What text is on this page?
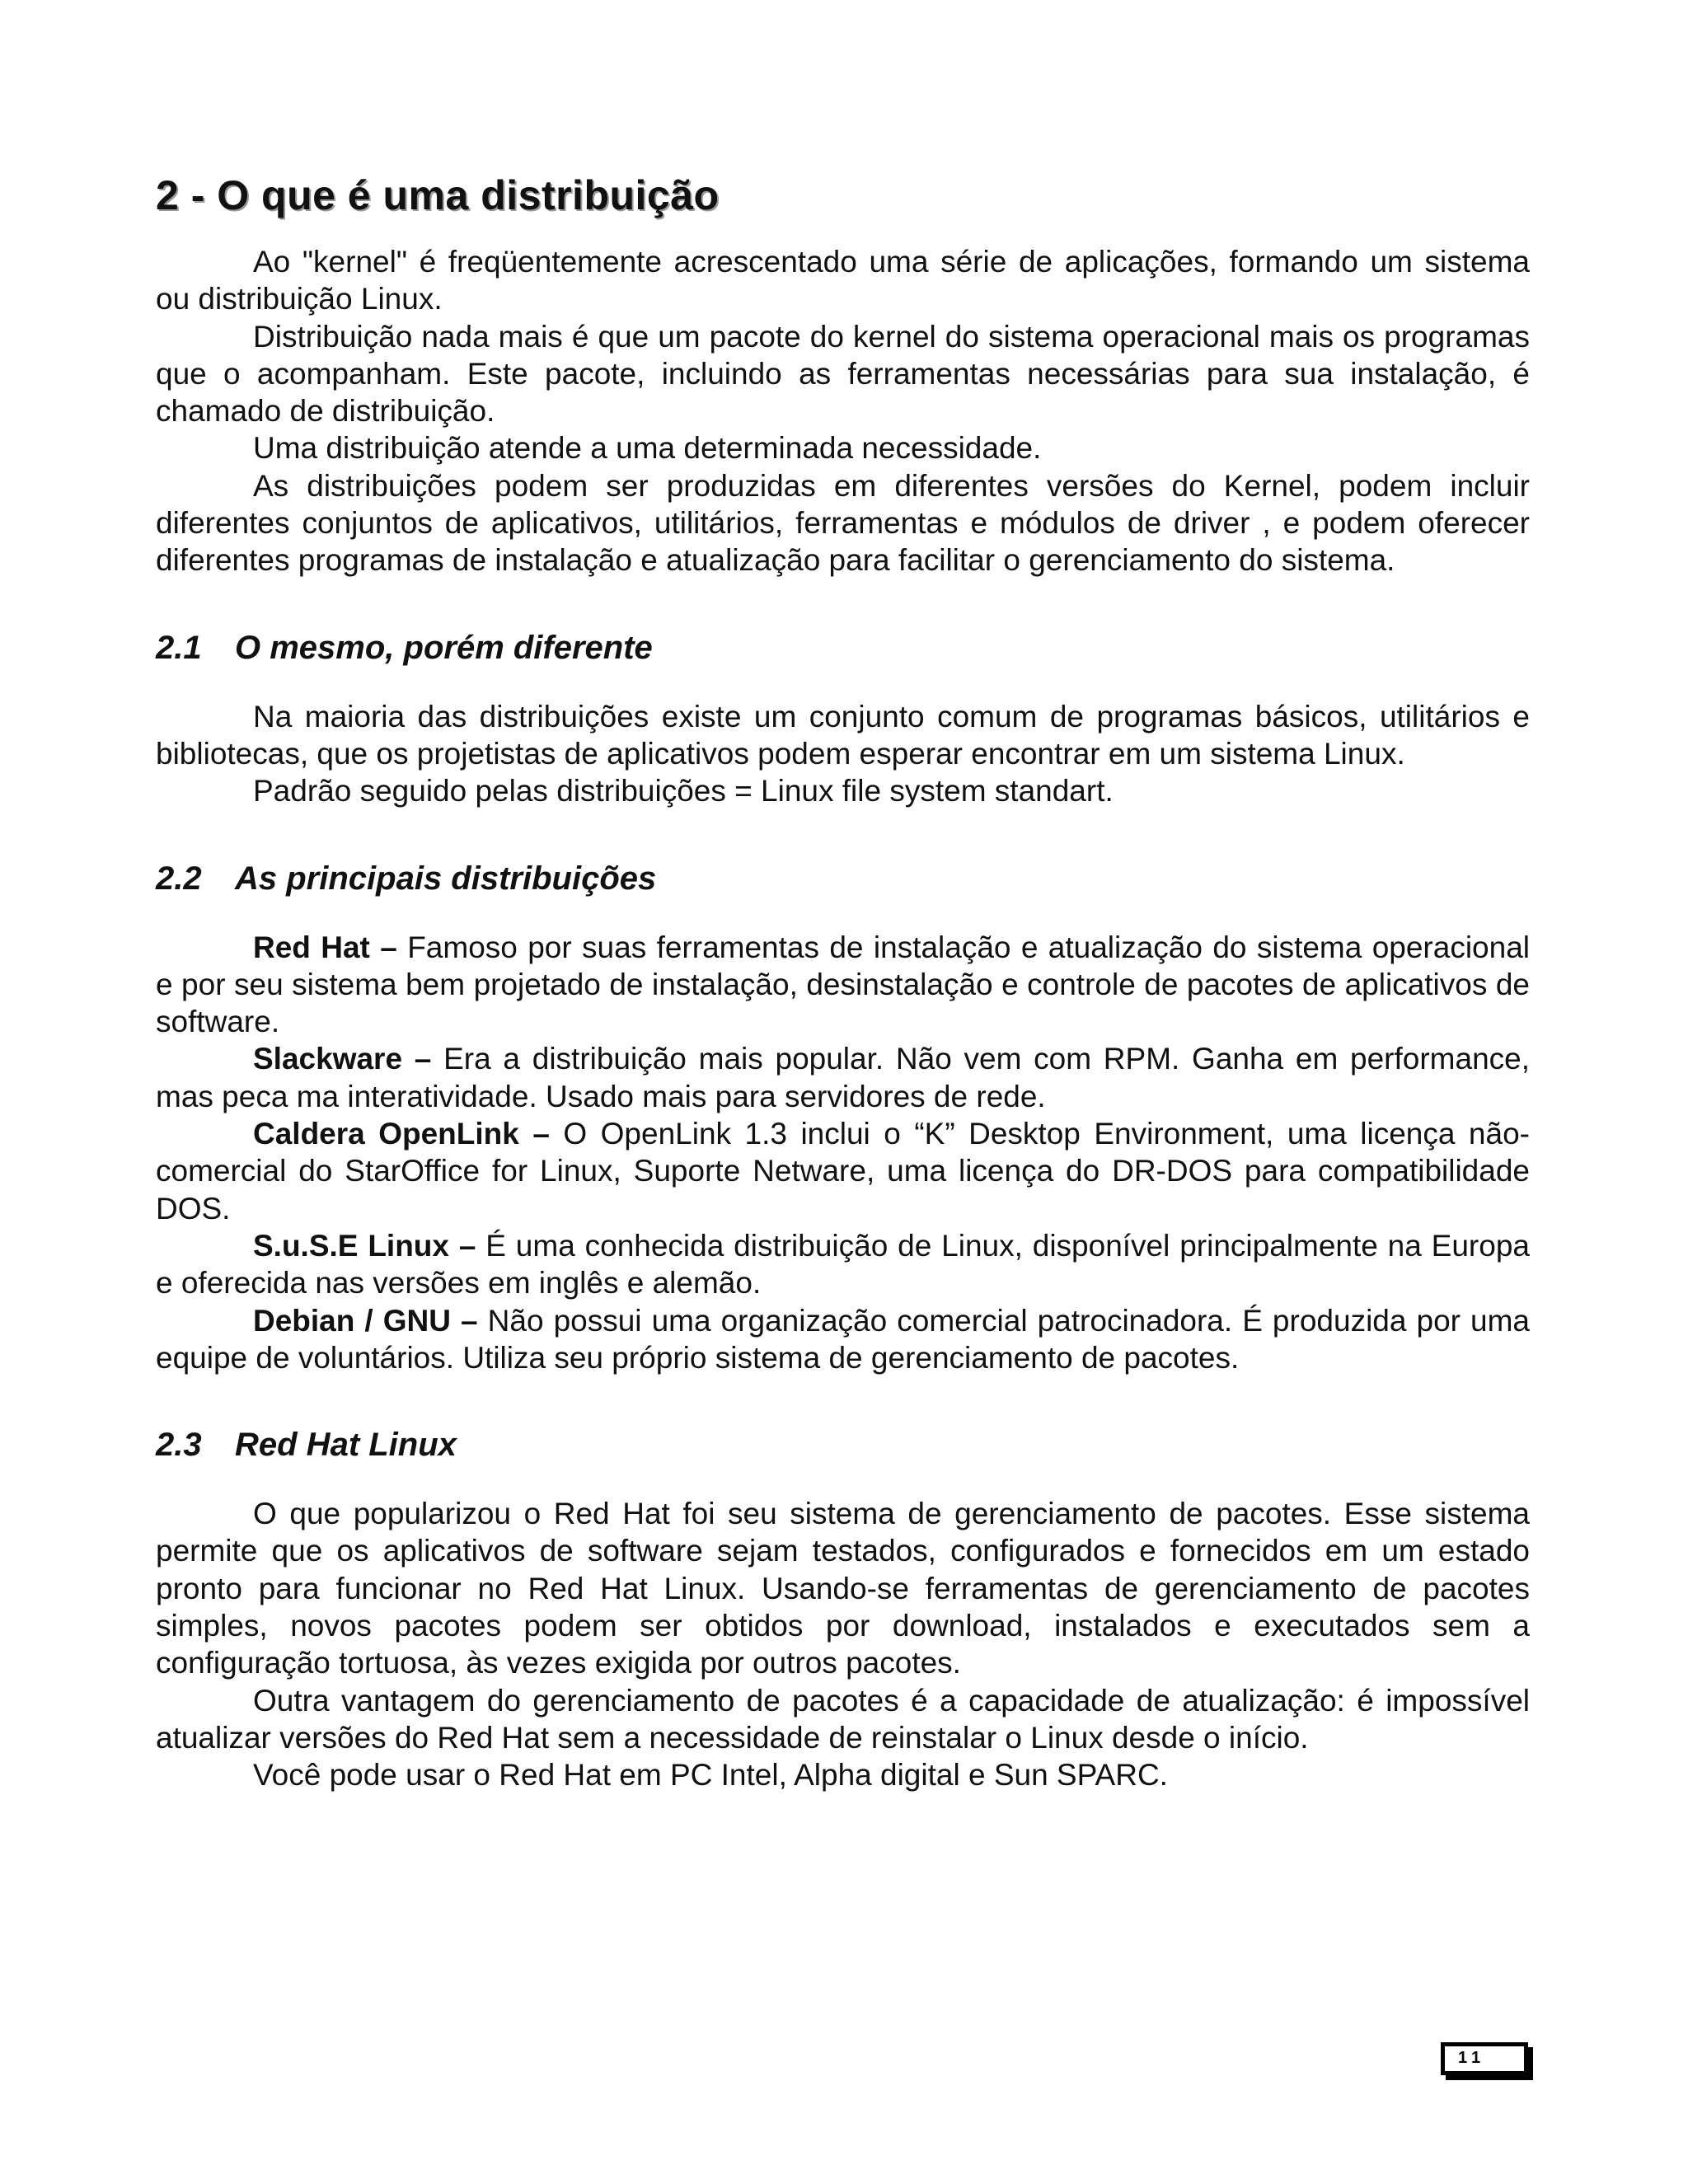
2 - O que é uma distribuição

Ao "kernel" é freqüentemente acrescentado uma série de aplicações, formando um sistema ou distribuição Linux.

Distribuição nada mais é que um pacote do kernel do sistema operacional mais os programas que o acompanham. Este pacote, incluindo as ferramentas necessárias para sua instalação, é chamado de distribuição.

Uma distribuição atende a uma determinada necessidade.

As distribuições podem ser produzidas em diferentes versões do Kernel, podem incluir diferentes conjuntos de aplicativos, utilitários, ferramentas e módulos de driver , e podem oferecer diferentes programas de instalação e atualização para facilitar o gerenciamento do sistema.

2.1 O mesmo, porém diferente

Na maioria das distribuições existe um conjunto comum de programas básicos, utilitários e bibliotecas, que os projetistas de aplicativos podem esperar encontrar em um sistema Linux.

Padrão seguido pelas distribuições = Linux file system standart.

2.2 As principais distribuições

Red Hat – Famoso por suas ferramentas de instalação e atualização do sistema operacional e por seu sistema bem projetado de instalação, desinstalação e controle de pacotes de aplicativos de software.

Slackware – Era a distribuição mais popular. Não vem com RPM. Ganha em performance, mas peca ma interatividade. Usado mais para servidores de rede.

Caldera OpenLink – O OpenLink 1.3 inclui o “K” Desktop Environment, uma licença não-comercial do StarOffice for Linux, Suporte Netware, uma licença do DR-DOS para compatibilidade DOS.

S.u.S.E Linux – É uma conhecida distribuição de Linux, disponível principalmente na Europa e oferecida nas versões em inglês e alemão.

Debian / GNU – Não possui uma organização comercial patrocinadora. É produzida por uma equipe de voluntários. Utiliza seu próprio sistema de gerenciamento de pacotes.

2.3 Red Hat Linux

O que popularizou o Red Hat foi seu sistema de gerenciamento de pacotes. Esse sistema permite que os aplicativos de software sejam testados, configurados e fornecidos em um estado pronto para funcionar no Red Hat Linux. Usando-se ferramentas de gerenciamento de pacotes simples, novos pacotes podem ser obtidos por download, instalados e executados sem a configuração tortuosa, às vezes exigida por outros pacotes.

Outra vantagem do gerenciamento de pacotes é a capacidade de atualização: é impossível atualizar versões do Red Hat sem a necessidade de reinstalar o Linux desde o início.

Você pode usar o Red Hat em PC Intel, Alpha digital e Sun SPARC.

11
